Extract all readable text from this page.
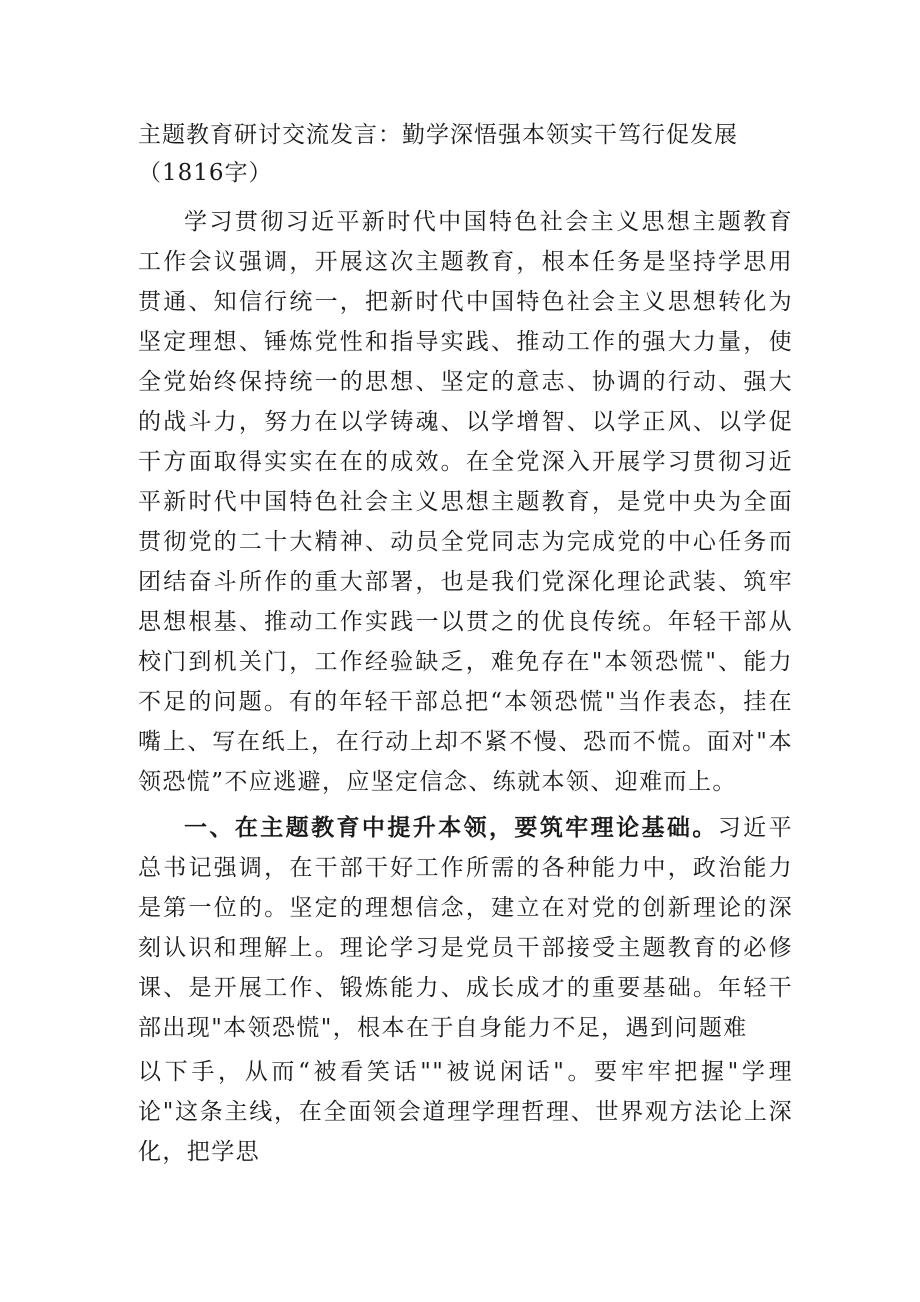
主题教育研讨交流发言：勤学深悟强本领实干笃行促发展（1816字）

学习贯彻习近平新时代中国特色社会主义思想主题教育工作会议强调，开展这次主题教育，根本任务是坚持学思用贯通、知信行统一，把新时代中国特色社会主义思想转化为坚定理想、锤炼党性和指导实践、推动工作的强大力量，使全党始终保持统一的思想、坚定的意志、协调的行动、强大的战斗力，努力在以学铸魂、以学增智、以学正风、以学促干方面取得实实在在的成效。在全党深入开展学习贯彻习近平新时代中国特色社会主义思想主题教育，是党中央为全面贯彻党的二十大精神、动员全党同志为完成党的中心任务而团结奋斗所作的重大部署，也是我们党深化理论武装、筑牢思想根基、推动工作实践一以贯之的优良传统。年轻干部从校门到机关门，工作经验缺乏，难免存在"本领恐慌"、能力不足的问题。有的年轻干部总把“本领恐慌"当作表态，挂在嘴上、写在纸上，在行动上却不紧不慢、恐而不慌。面对"本领恐慌”不应逃避，应坚定信念、练就本领、迎难而上。

一、在主题教育中提升本领，要筑牢理论基础。习近平总书记强调，在干部干好工作所需的各种能力中，政治能力是第一位的。坚定的理想信念，建立在对党的创新理论的深刻认识和理解上。理论学习是党员干部接受主题教育的必修课、是开展工作、锻炼能力、成长成才的重要基础。年轻干部出现"本领恐慌"，根本在于自身能力不足，遇到问题难

以下手，从而“被看笑话""被说闲话"。要牢牢把握"学理论"这条主线，在全面领会道理学理哲理、世界观方法论上深化，把学思
